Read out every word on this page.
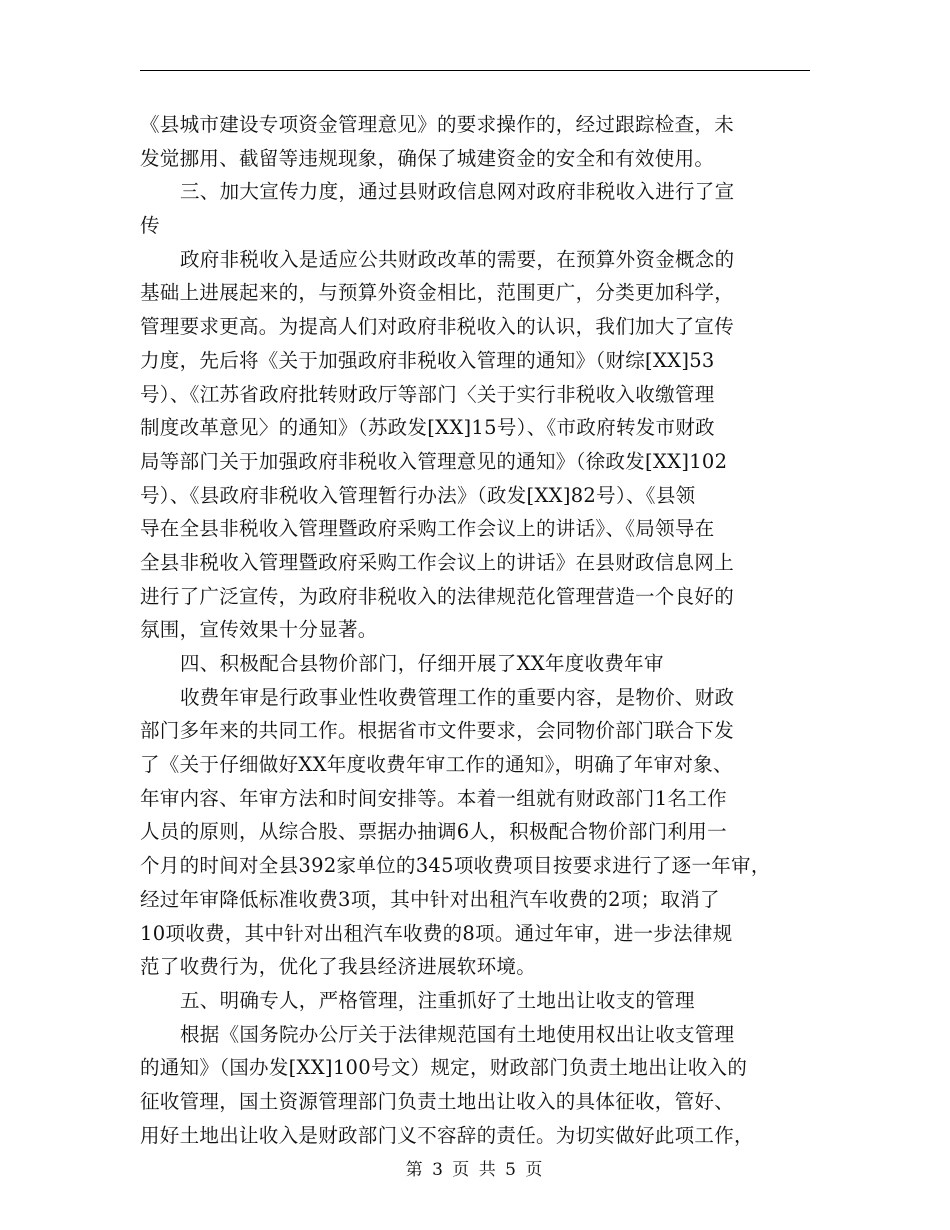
《县城市建设专项资金管理意见》的要求操作的，经过跟踪检查，未
发觉挪用、截留等违规现象，确保了城建资金的安全和有效使用。
三、加大宣传力度，通过县财政信息网对政府非税收入进行了宣
传
政府非税收入是适应公共财政改革的需要，在预算外资金概念的
基础上进展起来的，与预算外资金相比，范围更广，分类更加科学，
管理要求更高。为提高人们对政府非税收入的认识，我们加大了宣传
力度，先后将《关于加强政府非税收入管理的通知》（财综[XX]53
号）、《江苏省政府批转财政厅等部门〈关于实行非税收入收缴管理
制度改革意见〉的通知》（苏政发[XX]15号）、《市政府转发市财政
局等部门关于加强政府非税收入管理意见的通知》（徐政发[XX]102
号）、《县政府非税收入管理暂行办法》（政发[XX]82号）、《县领
导在全县非税收入管理暨政府采购工作会议上的讲话》、《局领导在
全县非税收入管理暨政府采购工作会议上的讲话》在县财政信息网上
进行了广泛宣传，为政府非税收入的法律规范化管理营造一个良好的
氛围，宣传效果十分显著。
四、积极配合县物价部门，仔细开展了XX年度收费年审
收费年审是行政事业性收费管理工作的重要内容，是物价、财政
部门多年来的共同工作。根据省市文件要求，会同物价部门联合下发
了《关于仔细做好XX年度收费年审工作的通知》，明确了年审对象、
年审内容、年审方法和时间安排等。本着一组就有财政部门1名工作
人员的原则，从综合股、票据办抽调6人，积极配合物价部门利用一
个月的时间对全县392家单位的345项收费项目按要求进行了逐一年审，
经过年审降低标准收费3项，其中针对出租汽车收费的2项；取消了
10项收费，其中针对出租汽车收费的8项。通过年审，进一步法律规
范了收费行为，优化了我县经济进展软环境。
五、明确专人，严格管理，注重抓好了土地出让收支的管理
根据《国务院办公厅关于法律规范国有土地使用权出让收支管理
的通知》（国办发[XX]100号文）规定，财政部门负责土地出让收入的
征收管理，国土资源管理部门负责土地出让收入的具体征收，管好、
用好土地出让收入是财政部门义不容辞的责任。为切实做好此项工作，
第 3 页 共 5 页
